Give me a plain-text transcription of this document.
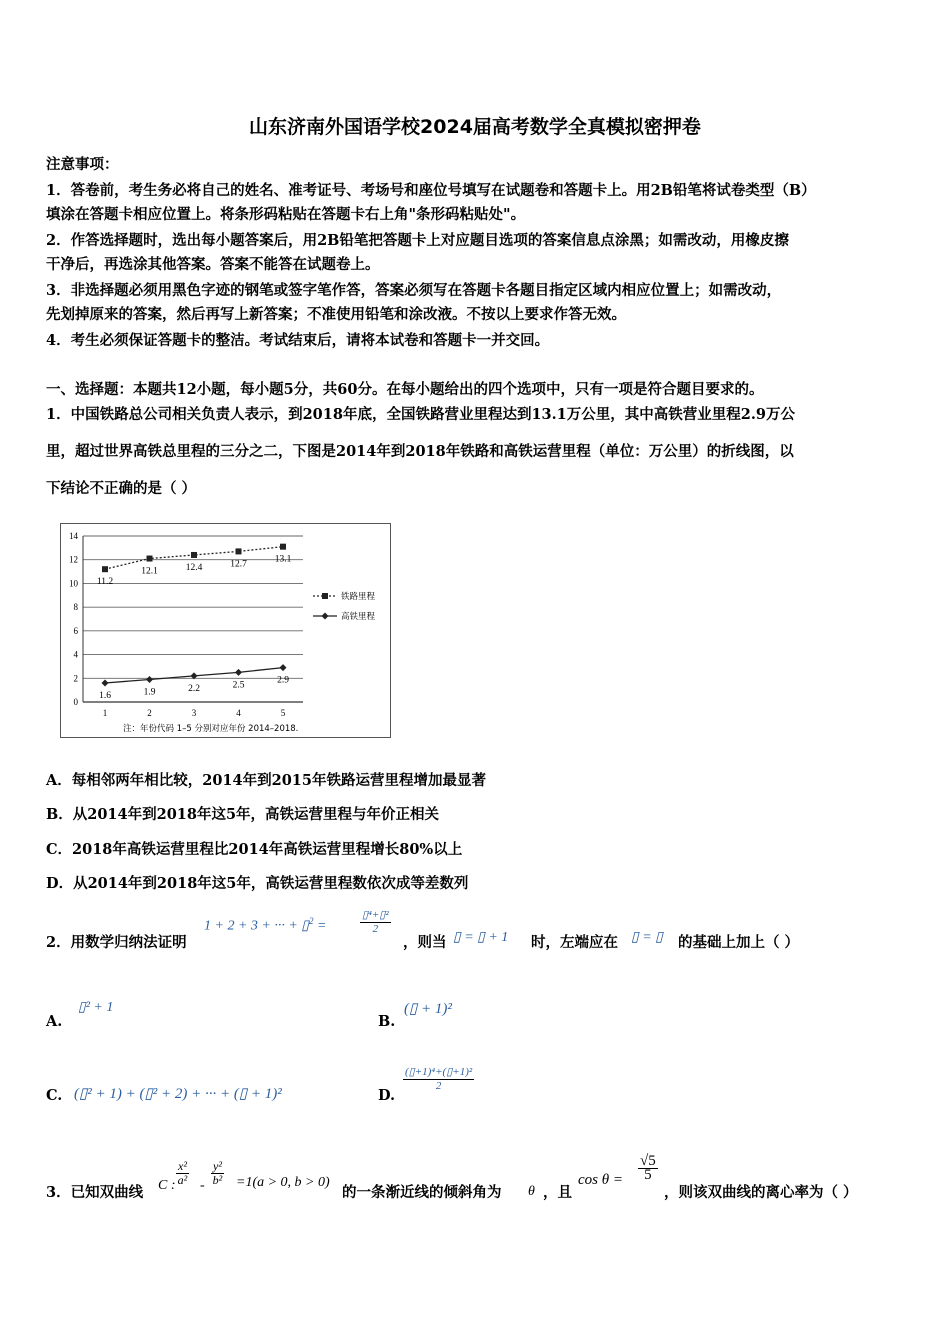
山东济南外国语学校2024届高考数学全真模拟密押卷
注意事项：
1．答卷前，考生务必将自己的姓名、准考证号、考场号和座位号填写在试题卷和答题卡上。用2B铅笔将试卷类型（B）
填涂在答题卡相应位置上。将条形码粘贴在答题卡右上角"条形码粘贴处"。
2．作答选择题时，选出每小题答案后，用2B铅笔把答题卡上对应题目选项的答案信息点涂黑；如需改动，用橡皮擦
干净后，再选涂其他答案。答案不能答在试题卷上。
3．非选择题必须用黑色字迹的钢笔或签字笔作答，答案必须写在答题卡各题目指定区域内相应位置上；如需改动，
先划掉原来的答案，然后再写上新答案；不准使用铅笔和涂改液。不按以上要求作答无效。
4．考生必须保证答题卡的整洁。考试结束后，请将本试卷和答题卡一并交回。
一、选择题：本题共12小题，每小题5分，共60分。在每小题给出的四个选项中，只有一项是符合题目要求的。
1．中国铁路总公司相关负责人表示，到2018年底，全国铁路营业里程达到13.1万公里，其中高铁营业里程2.9万公
里，超过世界高铁总里程的三分之二，下图是2014年到2018年铁路和高铁运营里程（单位：万公里）的折线图，以
下结论不正确的是（ ）
0
2
4
6
8
10
12
14
1	2	3	4	5
11.2
12.1	12.4	12.7	13.1
1.6	1.9	2.2	2.5	2.9
铁路里程
高铁里程
注：年份代码 1–5 分别对应年份 2014–2018.
A．每相邻两年相比较，2014年到2015年铁路运营里程增加最显著
B．从2014年到2018年这5年，高铁运营里程与年价正相关
C．2018年高铁运营里程比2014年高铁运营里程增长80%以上
D．从2014年到2018年这5年，高铁运营里程数依次成等差数列
2．用数学归纳法证明
1 + 2 + 3 + ··· + ▯$^2$ =	$\frac{\text{▯⁴+▯²}}{2}$
，则当 ▯ = ▯ + 1 时，左端应在 ▯ = ▯ 的基础上加上（ ）
A.
▯² + 1
B.
(▯ + 1)²
C. (▯² + 1) + (▯² + 2) + ··· + (▯ + 1)²	D.
$\frac{\text{(▯+1)⁴+(▯+1)²}}{2}$
3．已知双曲线 C : $\frac{\text{x²}}{\text{a²}} - \frac{\text{y²}}{\text{b²}} =1(a > 0$, b > 0)
的一条渐近线的倾斜角为 θ ，且
$\cos \theta = \frac{√5}{5}$
，则该双曲线的离心率为（ ）
